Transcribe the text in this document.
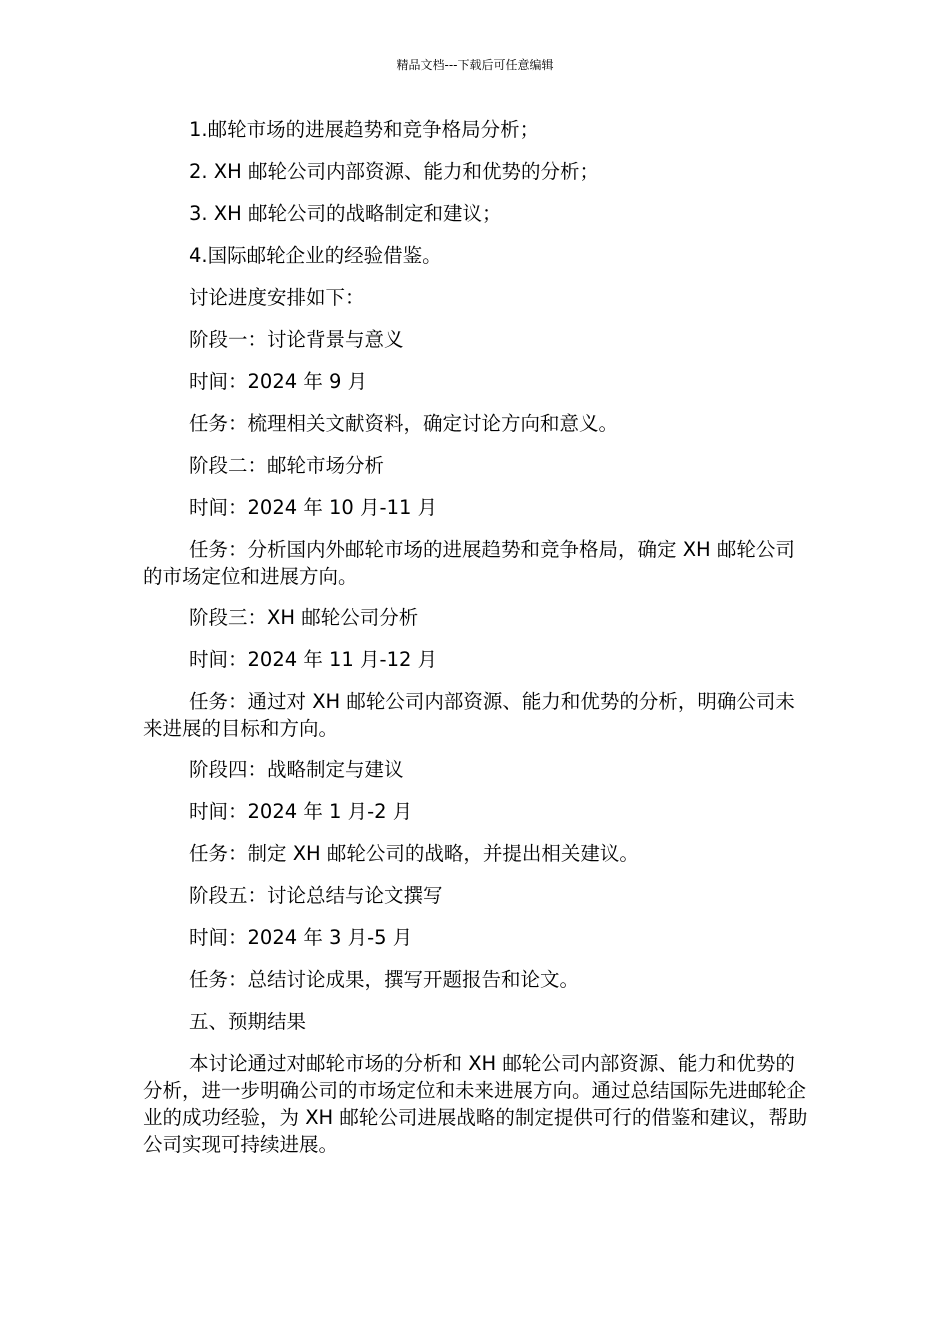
精品文档---下载后可任意编辑

1.邮轮市场的进展趋势和竞争格局分析；

2. XH 邮轮公司内部资源、能力和优势的分析；

3. XH 邮轮公司的战略制定和建议；

4.国际邮轮企业的经验借鉴。

讨论进度安排如下：

阶段一：讨论背景与意义

时间：2024 年 9 月

任务：梳理相关文献资料，确定讨论方向和意义。

阶段二：邮轮市场分析

时间：2024 年 10 月-11 月

任务：分析国内外邮轮市场的进展趋势和竞争格局，确定 XH 邮轮公司的市场定位和进展方向。

阶段三：XH 邮轮公司分析

时间：2024 年 11 月-12 月

任务：通过对 XH 邮轮公司内部资源、能力和优势的分析，明确公司未来进展的目标和方向。

阶段四：战略制定与建议

时间：2024 年 1 月-2 月

任务：制定 XH 邮轮公司的战略，并提出相关建议。

阶段五：讨论总结与论文撰写

时间：2024 年 3 月-5 月

任务：总结讨论成果，撰写开题报告和论文。

五、预期结果

本讨论通过对邮轮市场的分析和 XH 邮轮公司内部资源、能力和优势的分析，进一步明确公司的市场定位和未来进展方向。通过总结国际先进邮轮企业的成功经验，为 XH 邮轮公司进展战略的制定提供可行的借鉴和建议，帮助公司实现可持续进展。
